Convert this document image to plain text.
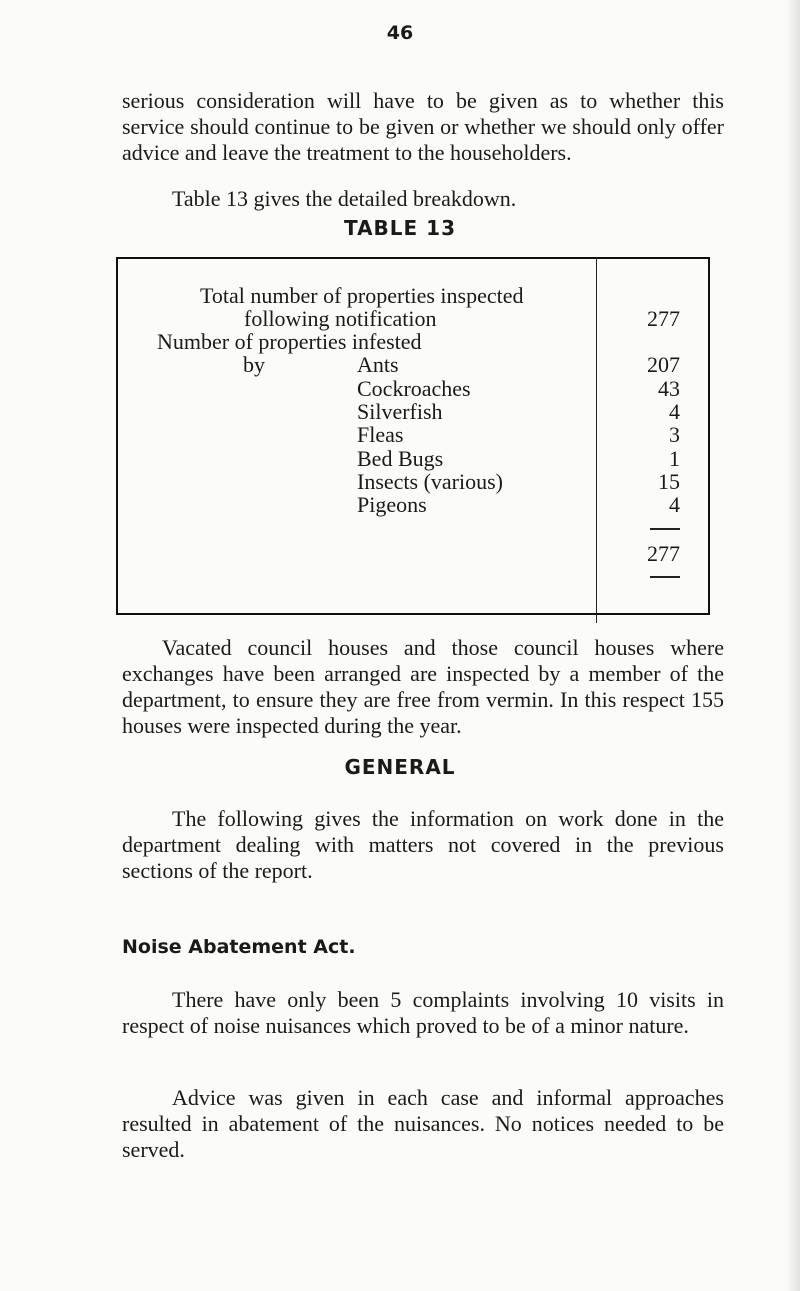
46

serious consideration will have to be given as to whether this service should continue to be given or whether we should only offer advice and leave the treatment to the householders.

Table 13 gives the detailed breakdown.

TABLE 13
Total number of properties inspected
following notification	277
Number of properties infested
by	Ants	207
Cockroaches	43
Silverfish	4
Fleas	3
Bed Bugs	1
Insects (various)	15
Pigeons	4
277

Vacated council houses and those council houses where exchanges have been arranged are inspected by a member of the department, to ensure they are free from vermin. In this respect 155 houses were inspected during the year.

GENERAL

The following gives the information on work done in the department dealing with matters not covered in the previous sections of the report.

Noise Abatement Act.

There have only been 5 complaints involving 10 visits in respect of noise nuisances which proved to be of a minor nature.

Advice was given in each case and informal approaches resulted in abatement of the nuisances. No notices needed to be served.
